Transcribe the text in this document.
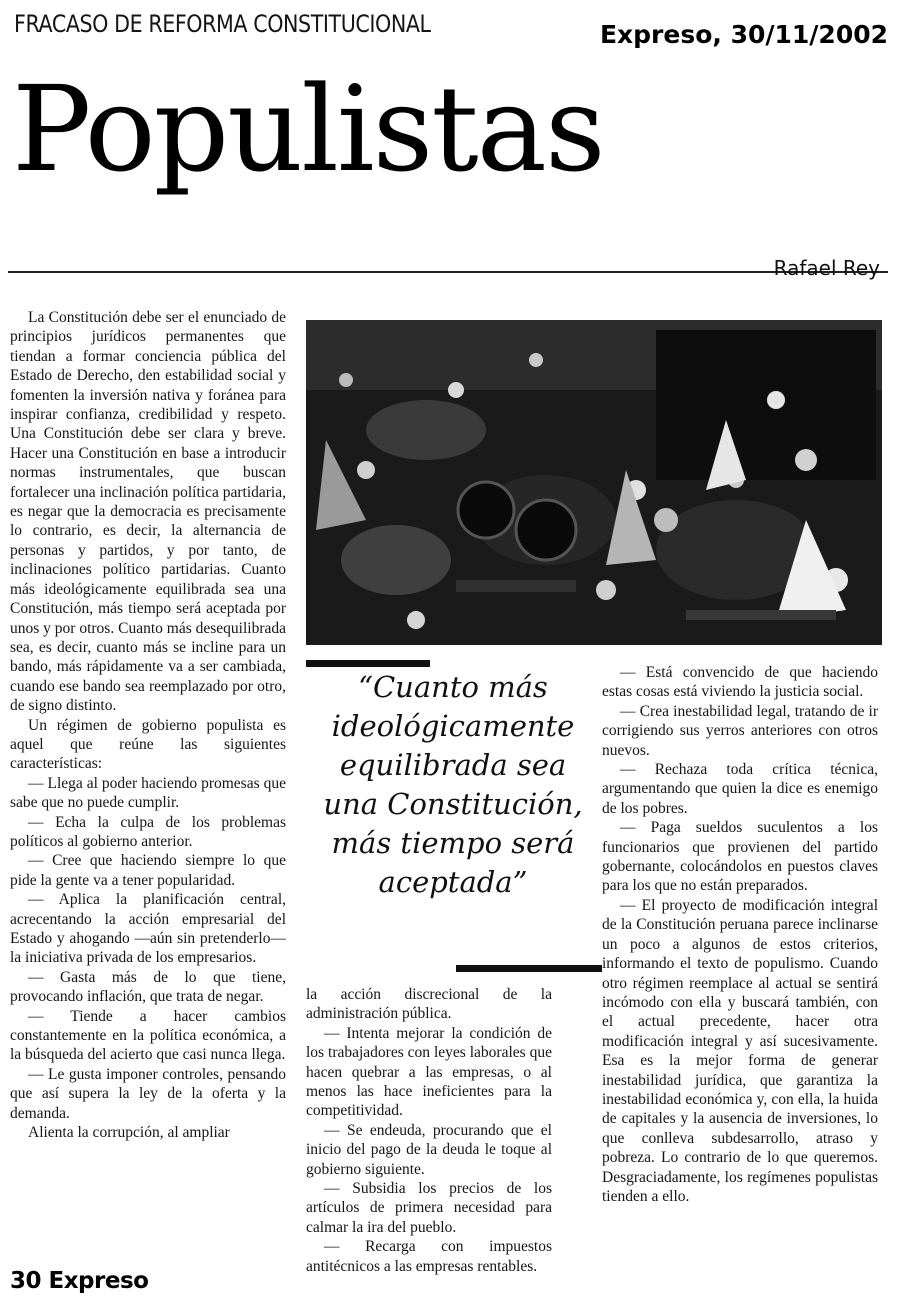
FRACASO DE REFORMA CONSTITUCIONAL	Expreso, 30/11/2002
Populistas
Rafael Rey

La Constitución debe ser el enunciado de principios jurídicos permanentes que tiendan a formar conciencia pública del Estado de Derecho, den estabilidad social y fomenten la inversión nativa y foránea para inspirar confianza, credibilidad y respeto. Una Constitución debe ser clara y breve. Hacer una Constitución en base a introducir normas instrumentales, que buscan fortalecer una inclinación política partidaria, es negar que la democracia es precisamente lo contrario, es decir, la alternancia de personas y partidos, y por tanto, de inclinaciones político partidarias. Cuanto más ideológicamente equilibrada sea una Constitución, más tiempo será aceptada por unos y por otros. Cuanto más desequilibrada sea, es decir, cuanto más se incline para un bando, más rápidamente va a ser cambiada, cuando ese bando sea reemplazado por otro, de signo distinto.

Un régimen de gobierno populista es aquel que reúne las siguientes características:

— Llega al poder haciendo promesas que sabe que no puede cumplir.

— Echa la culpa de los problemas políticos al gobierno anterior.

— Cree que haciendo siempre lo que pide la gente va a tener popularidad.

— Aplica la planificación central, acrecentando la acción empresarial del Estado y ahogando —aún sin pretenderlo— la iniciativa privada de los empresarios.

— Gasta más de lo que tiene, provocando inflación, que trata de negar.

— Tiende a hacer cambios constantemente en la política económica, a la búsqueda del acierto que casi nunca llega.

— Le gusta imponer controles, pensando que así supera la ley de la oferta y la demanda.

Alienta la corrupción, al ampliar

“Cuanto más ideológicamente equilibrada sea una Constitución, más tiempo será aceptada”

la acción discrecional de la administración pública.

— Intenta mejorar la condición de los trabajadores con leyes laborales que hacen quebrar a las empresas, o al menos las hace ineficientes para la competitividad.

— Se endeuda, procurando que el inicio del pago de la deuda le toque al gobierno siguiente.

— Subsidia los precios de los artículos de primera necesidad para calmar la ira del pueblo.

— Recarga con impuestos antitécnicos a las empresas rentables.

— Está convencido de que haciendo estas cosas está viviendo la justicia social.

— Crea inestabilidad legal, tratando de ir corrigiendo sus yerros anteriores con otros nuevos.

— Rechaza toda crítica técnica, argumentando que quien la dice es enemigo de los pobres.

— Paga sueldos suculentos a los funcionarios que provienen del partido gobernante, colocándolos en puestos claves para los que no están preparados.

— El proyecto de modificación integral de la Constitución peruana parece inclinarse un poco a algunos de estos criterios, informando el texto de populismo. Cuando otro régimen reemplace al actual se sentirá incómodo con ella y buscará también, con el actual precedente, hacer otra modificación integral y así sucesivamente. Esa es la mejor forma de generar inestabilidad jurídica, que garantiza la inestabilidad económica y, con ella, la huida de capitales y la ausencia de inversiones, lo que conlleva subdesarrollo, atraso y pobreza. Lo contrario de lo que queremos. Desgraciadamente, los regímenes populistas tienden a ello.

30 Expreso
